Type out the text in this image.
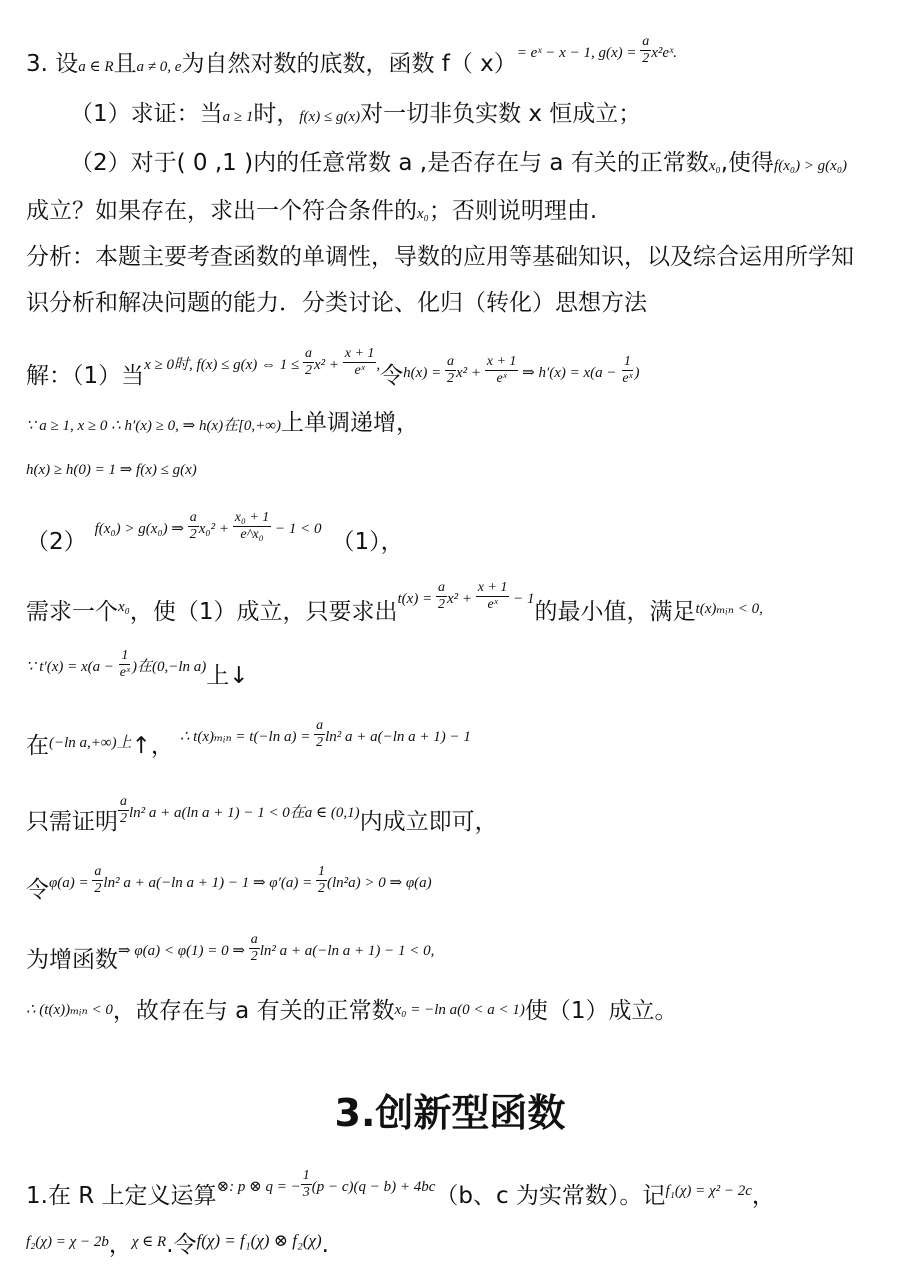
3. 设a ∈ R且a ≠ 0, e为自然对数的底数，函数 f（ x）= eˣ − x − 1, $g(x) = \frac{a}{2}$ x²eˣ.
（1）求证：当a ≥ 1时，f(x) ≤ g(x)对一切非负实数 x 恒成立；
（2）对于( 0 ,1 )内的任意常数 a ,是否存在与 a 有关的正常数x₀,使得f(x₀) > g(x₀)
成立？如果存在，求出一个符合条件的x₀；否则说明理由.
分析：本题主要考查函数的单调性，导数的应用等基础知识，以及综合运用所学知
识分析和解决问题的能力．分类讨论、化归（转化）思想方法
解：（1）当x ≥ 0时, f(x) ≤ g(x) ⇔ $1 \le \frac{a}{2} x^2 + \frac{x + 1}{\text{eˣ}}$ ,令$h(x) = \frac{a}{2} x^2 + \frac{x + 1}{\text{eˣ}}$ ⇒ $h'(x) = x(a - \frac{1}{\text{eˣ}}$ )
∵ a ≥ 1, x ≥ 0 ∴ h′(x) ≥ 0, ⇒ h(x)在[0,+∞)上单调递增，
h(x) ≥ h(0) = 1 ⇒ f(x) ≤ g(x)
（2） f(x₀) > g(x₀) ⇒ $\frac{a}{2} x_0^2 + \frac{\text{x₀ + 1}}{\text{e\textasciicircum{}x₀}} - 1 < 0$ （1），
需求一个$^{x_0}$，使（1）成立，只要求出$t(x) = \frac{a}{2} x^2 + \frac{x + 1}{\text{eˣ}} - 1$的最小值，满足$^{t(x)_mᵢ_n < 0,}$
∵ $t'(x) = x(a - \frac{1}{\text{eˣ}}$ )在(0,−ln a)上↓
在$^{(-ln a,+\infty)上}$↑， ∴ t(x)ₘᵢₙ = t(−ln $a) = \frac{a}{2} \ln^2$ a + a(−ln a + 1) − 1
只需证明 $\frac{a}{2} \ln^2$ a + a(ln a + 1) − 1 < 0在a ∈ (0,1)内成立即可，
令$\varphi(a) = \frac{a}{2} \ln^2$ a + a(−ln a + 1) − 1 ⇒ $\varphi'(a) = \frac{1}{2} (\ln^2a) > 0$ ⇒ φ(a)
为增函数⇒ φ(a) < φ(1) = 0 ⇒ $\frac{a}{2} \ln^2$ a + a(−ln a + 1) − 1 < 0,
∴ (t(x))ₘᵢₙ < 0，故存在与 a 有关的正常数x₀ = −ln a(0 < a < 1)使（1）成立。
3.创新型函数
1.在 R 上定义运算⊗: p ⊗ q = − $\frac{1}{3} (p - c)(q - b) + 4bc(b$、c 为实常数）。记$^{f_1(\chi) = \chi^2 - 2c}$，
$^{f_2(\chi) = \chi - 2b}$，$^{\chi \in R}$.令$^{f(\chi) = f_1(\chi) \otimes f_2(\chi)}$.
